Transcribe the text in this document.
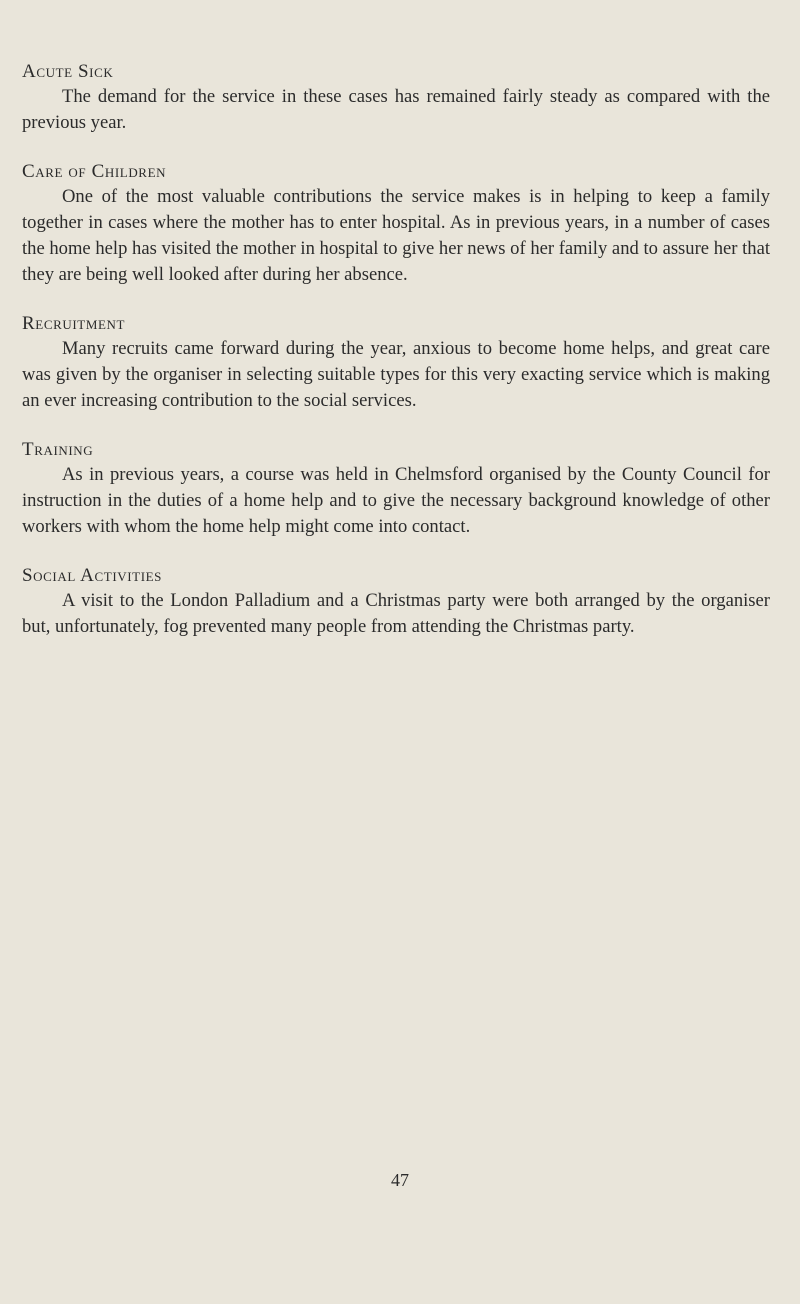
Acute Sick

The demand for the service in these cases has remained fairly steady as compared with the previous year.

Care of Children

One of the most valuable contributions the service makes is in helping to keep a family together in cases where the mother has to enter hospital. As in previous years, in a number of cases the home help has visited the mother in hospital to give her news of her family and to assure her that they are being well looked after during her absence.

Recruitment

Many recruits came forward during the year, anxious to become home helps, and great care was given by the organiser in selecting suitable types for this very exacting service which is making an ever increasing contribution to the social services.

Training

As in previous years, a course was held in Chelmsford organised by the County Council for instruction in the duties of a home help and to give the necessary background knowledge of other workers with whom the home help might come into contact.

Social Activities

A visit to the London Palladium and a Christmas party were both arranged by the organiser but, unfortunately, fog prevented many people from attending the Christmas party.

47
